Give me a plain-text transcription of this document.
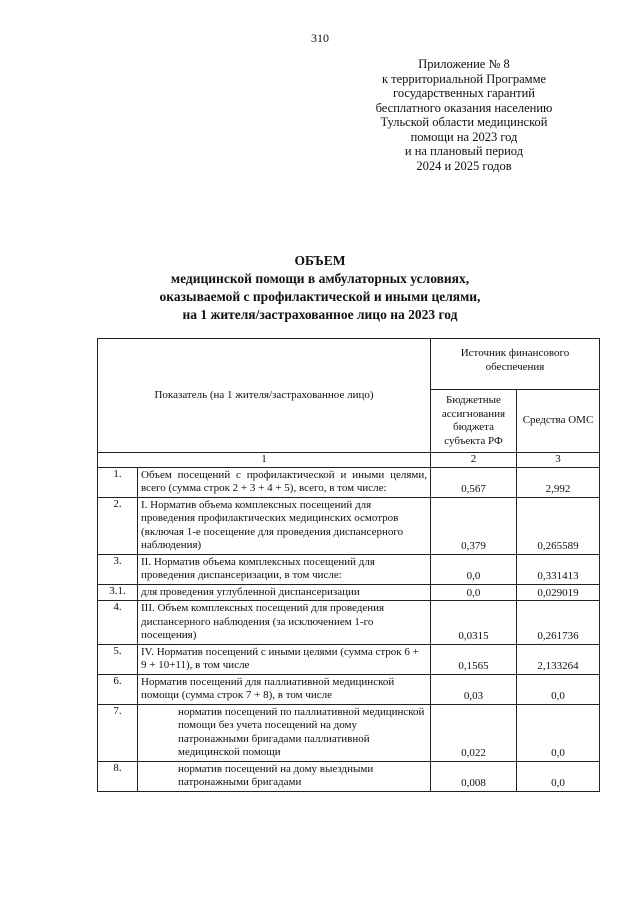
310
Приложение № 8
к территориальной Программе
государственных гарантий
бесплатного оказания населению
Тульской области медицинской
помощи на 2023 год
и на плановый период
2024 и 2025 годов
ОБЪЕМ
медицинской помощи в амбулаторных условиях,
оказываемой с профилактической и иными целями,
на 1 жителя/застрахованное лицо на 2023 год
Показатель (на 1 жителя/застрахованное лицо)		Источник финансового обеспечения	
		Бюджетные ассигнования бюджета субъекта РФ	Средства ОМС
1		2	3
1.	Объем посещений с профилактической и иными целями, всего (сумма строк 2 + 3 + 4 + 5), всего, в том числе:	0,567	2,992
2.	I. Норматив объема комплексных посещений для проведения профилактических медицинских осмотров (включая 1-е посещение для проведения диспансерного наблюдения)	0,379	0,265589
3.	II. Норматив объема комплексных посещений для проведения диспансеризации, в том числе:	0,0	0,331413
3.1.	для проведения углубленной диспансеризации	0,0	0,029019
4.	III. Объем комплексных посещений для проведения диспансерного наблюдения (за исключением 1-го посещения)	0,0315	0,261736
5.	IV. Норматив посещений с иными целями (сумма строк 6 + 9 + 10+11), в том числе	0,1565	2,133264
6.	Норматив посещений для паллиативной медицинской помощи (сумма строк 7 + 8), в том числе	0,03	0,0
7.	норматив посещений по паллиативной медицинской помощи без учета посещений на дому патронажными бригадами паллиативной медицинской помощи	0,022	0,0
8.	норматив посещений на дому выездными патронажными бригадами	0,008	0,0
